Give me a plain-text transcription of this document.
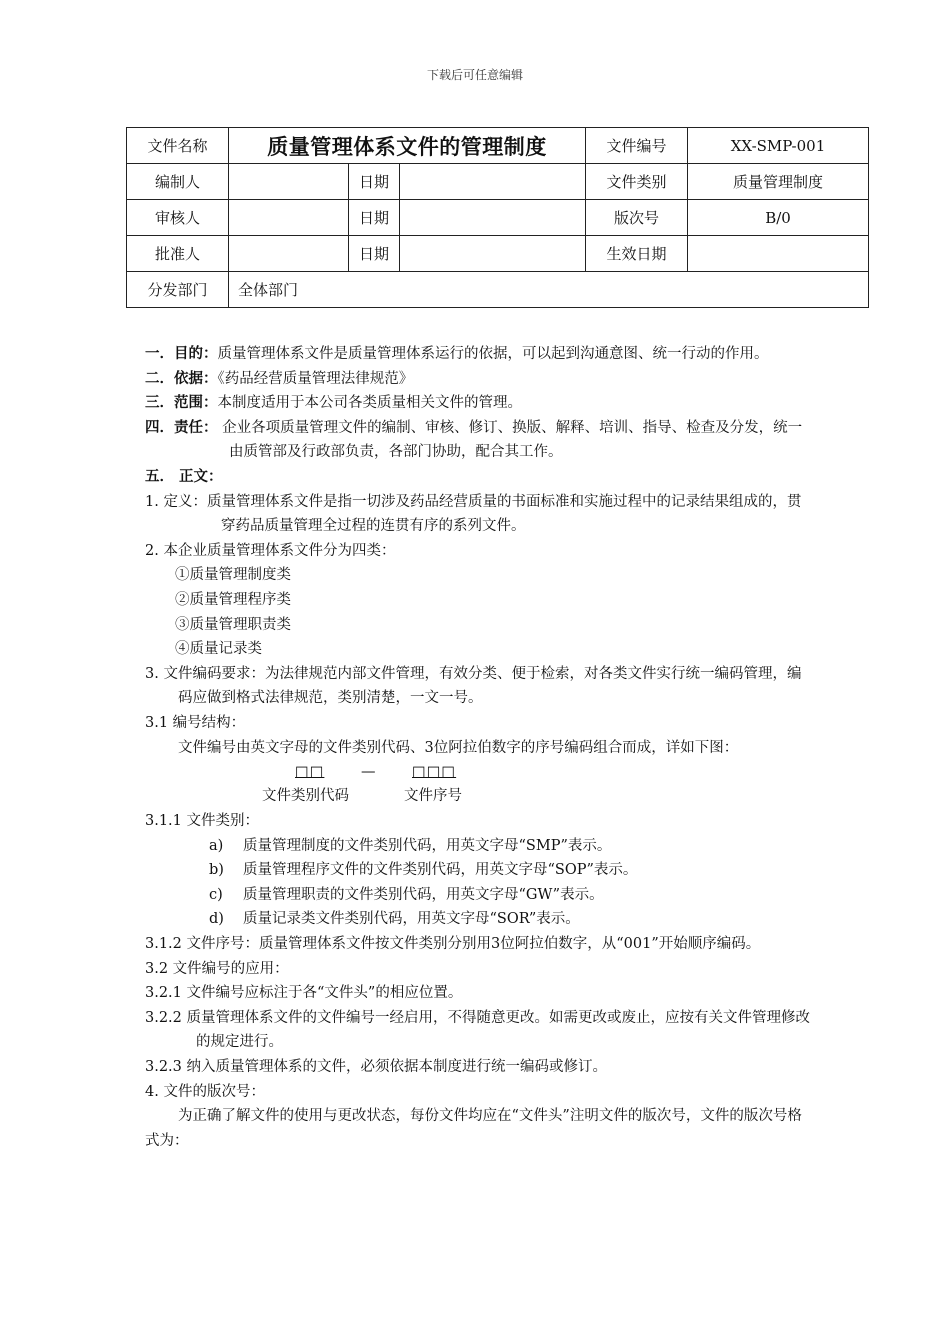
下载后可任意编辑
文件名称	质量管理体系文件的管理制度			文件编号	XX-SMP-001
编制人		日期		文件类别	质量管理制度
审核人		日期		版次号	B/0
批准人		日期		生效日期	
分发部门	全体部门				

一．目的：质量管理体系文件是质量管理体系运行的依据，可以起到沟通意图、统一行动的作用。

二．依据：《药品经营质量管理法律规范》

三．范围：本制度适用于本公司各类质量相关文件的管理。

四．责任： 企业各项质量管理文件的编制、审核、修订、换版、解释、培训、指导、检查及分发，统一由质管部及行政部负责，各部门协助，配合其工作。

五． 正文：

1. 定义：质量管理体系文件是指一切涉及药品经营质量的书面标准和实施过程中的记录结果组成的，贯穿药品质量管理全过程的连贯有序的系列文件。

2. 本企业质量管理体系文件分为四类：

①质量管理制度类

②质量管理程序类

③质量管理职责类

④质量记录类

3. 文件编码要求：为法律规范内部文件管理，有效分类、便于检索，对各类文件实行统一编码管理，编码应做到格式法律规范，类别清楚，一文一号。

3.1 编号结构：

文件编号由英文字母的文件类别代码、3位阿拉伯数字的序号编码组合而成，详如下图：

□□	—	□□□
文件类别代码	文件序号

3.1.1 文件类别：

a) 质量管理制度的文件类别代码，用英文字母“SMP”表示。

b) 质量管理程序文件的文件类别代码，用英文字母“SOP”表示。

c) 质量管理职责的文件类别代码，用英文字母“GW”表示。

d) 质量记录类文件类别代码，用英文字母“SOR”表示。

3.1.2 文件序号：质量管理体系文件按文件类别分别用3位阿拉伯数字，从“001”开始顺序编码。

3.2 文件编号的应用：

3.2.1 文件编号应标注于各“文件头”的相应位置。

3.2.2 质量管理体系文件的文件编号一经启用，不得随意更改。如需更改或废止，应按有关文件管理修改的规定进行。

3.2.3 纳入质量管理体系的文件，必须依据本制度进行统一编码或修订。

4. 文件的版次号：

为正确了解文件的使用与更改状态，每份文件均应在“文件头”注明文件的版次号，文件的版次号格式为：
